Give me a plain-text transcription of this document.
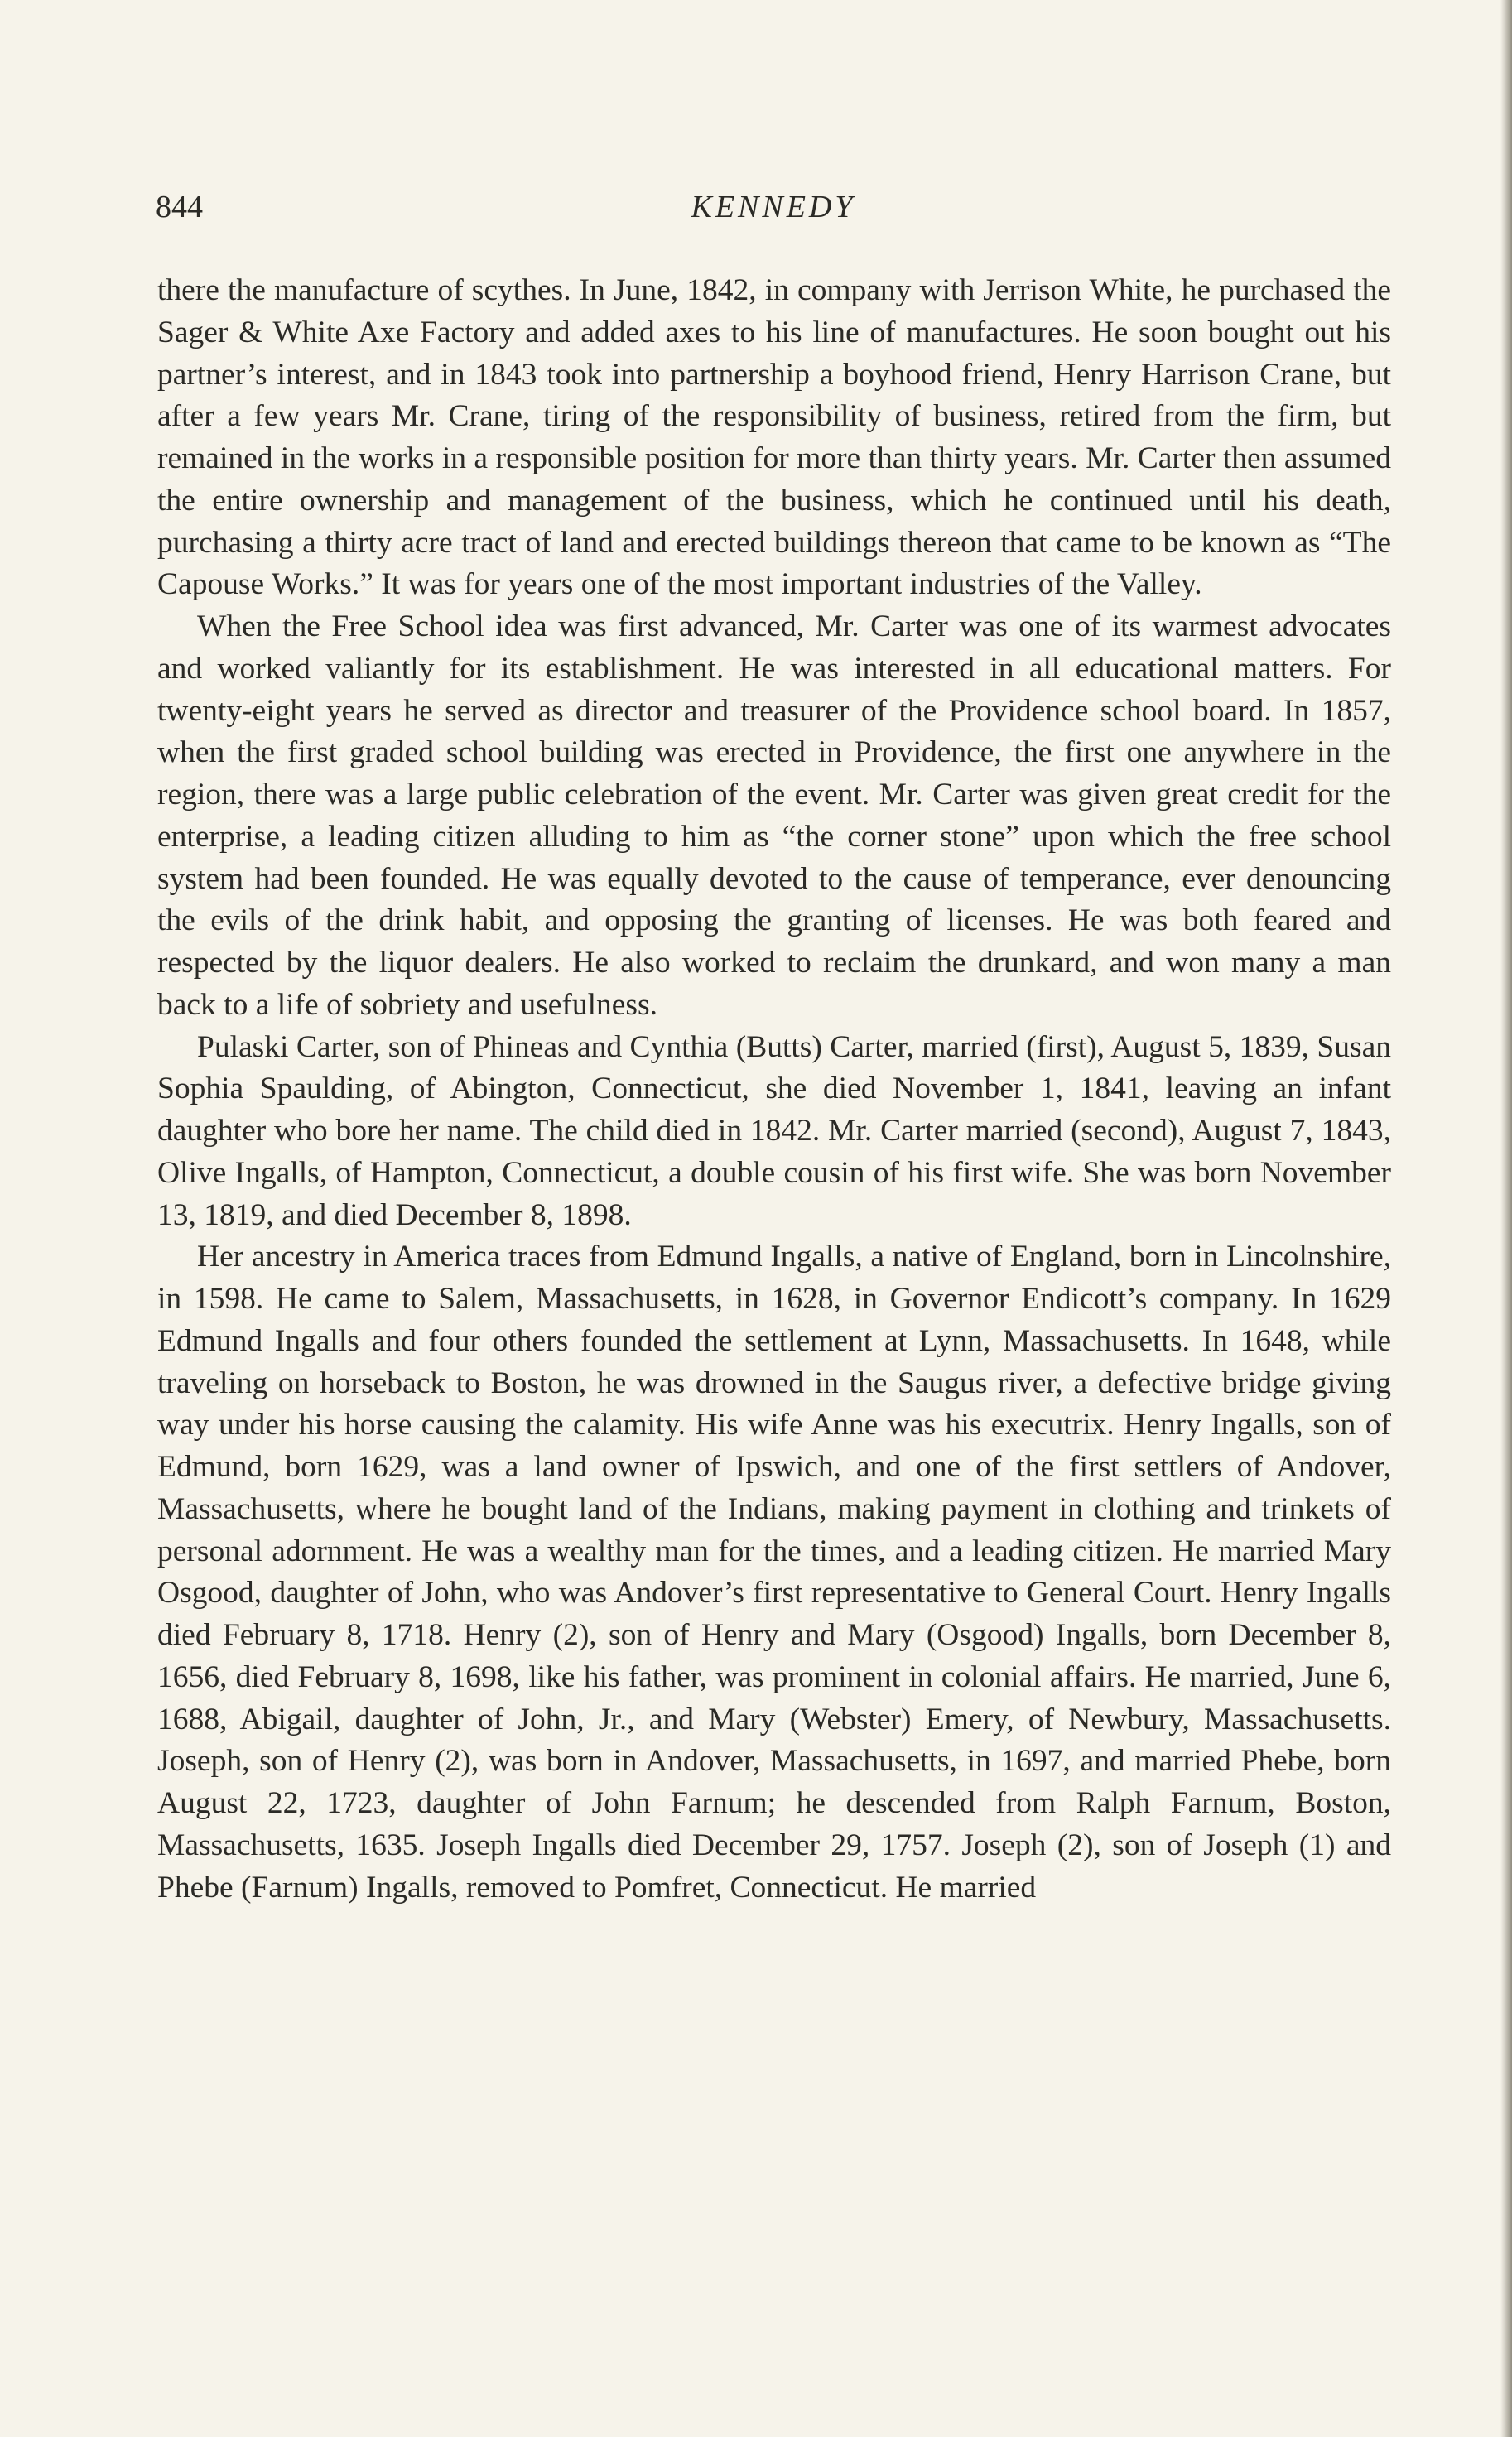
844	KENNEDY

there the manufacture of scythes. In June, 1842, in company with Jerrison White, he purchased the Sager & White Axe Factory and added axes to his line of manufactures. He soon bought out his partner’s interest, and in 1843 took into partnership a boyhood friend, Henry Harrison Crane, but after a few years Mr. Crane, tiring of the responsibility of business, retired from the firm, but remained in the works in a responsible position for more than thirty years. Mr. Carter then assumed the entire ownership and management of the business, which he continued until his death, purchasing a thirty acre tract of land and erected buildings thereon that came to be known as “The Capouse Works.” It was for years one of the most important industries of the Valley.

When the Free School idea was first advanced, Mr. Carter was one of its warmest advocates and worked valiantly for its establishment. He was interested in all educational matters. For twenty-eight years he served as director and treasurer of the Providence school board. In 1857, when the first graded school building was erected in Providence, the first one anywhere in the region, there was a large public celebration of the event. Mr. Carter was given great credit for the enterprise, a leading citizen alluding to him as “the corner stone” upon which the free school system had been founded. He was equally devoted to the cause of temperance, ever denouncing the evils of the drink habit, and opposing the granting of licenses. He was both feared and respected by the liquor dealers. He also worked to reclaim the drunkard, and won many a man back to a life of sobriety and usefulness.

Pulaski Carter, son of Phineas and Cynthia (Butts) Carter, married (first), August 5, 1839, Susan Sophia Spaulding, of Abington, Connecticut, she died November 1, 1841, leaving an infant daughter who bore her name. The child died in 1842. Mr. Carter married (second), August 7, 1843, Olive Ingalls, of Hampton, Connecticut, a double cousin of his first wife. She was born November 13, 1819, and died December 8, 1898.

Her ancestry in America traces from Edmund Ingalls, a native of England, born in Lincolnshire, in 1598. He came to Salem, Massachusetts, in 1628, in Governor Endicott’s company. In 1629 Edmund Ingalls and four others founded the settlement at Lynn, Massachusetts. In 1648, while traveling on horseback to Boston, he was drowned in the Saugus river, a defective bridge giving way under his horse causing the calamity. His wife Anne was his executrix. Henry Ingalls, son of Edmund, born 1629, was a land owner of Ipswich, and one of the first settlers of Andover, Massachusetts, where he bought land of the Indians, making payment in clothing and trinkets of personal adornment. He was a wealthy man for the times, and a leading citizen. He married Mary Osgood, daughter of John, who was Andover’s first representative to General Court. Henry Ingalls died February 8, 1718. Henry (2), son of Henry and Mary (Osgood) Ingalls, born December 8, 1656, died February 8, 1698, like his father, was prominent in colonial affairs. He married, June 6, 1688, Abigail, daughter of John, Jr., and Mary (Webster) Emery, of Newbury, Massachusetts. Joseph, son of Henry (2), was born in Andover, Massachusetts, in 1697, and married Phebe, born August 22, 1723, daughter of John Farnum; he descended from Ralph Farnum, Boston, Massachusetts, 1635. Joseph Ingalls died December 29, 1757. Joseph (2), son of Joseph (1) and Phebe (Farnum) Ingalls, removed to Pomfret, Connecticut. He married
